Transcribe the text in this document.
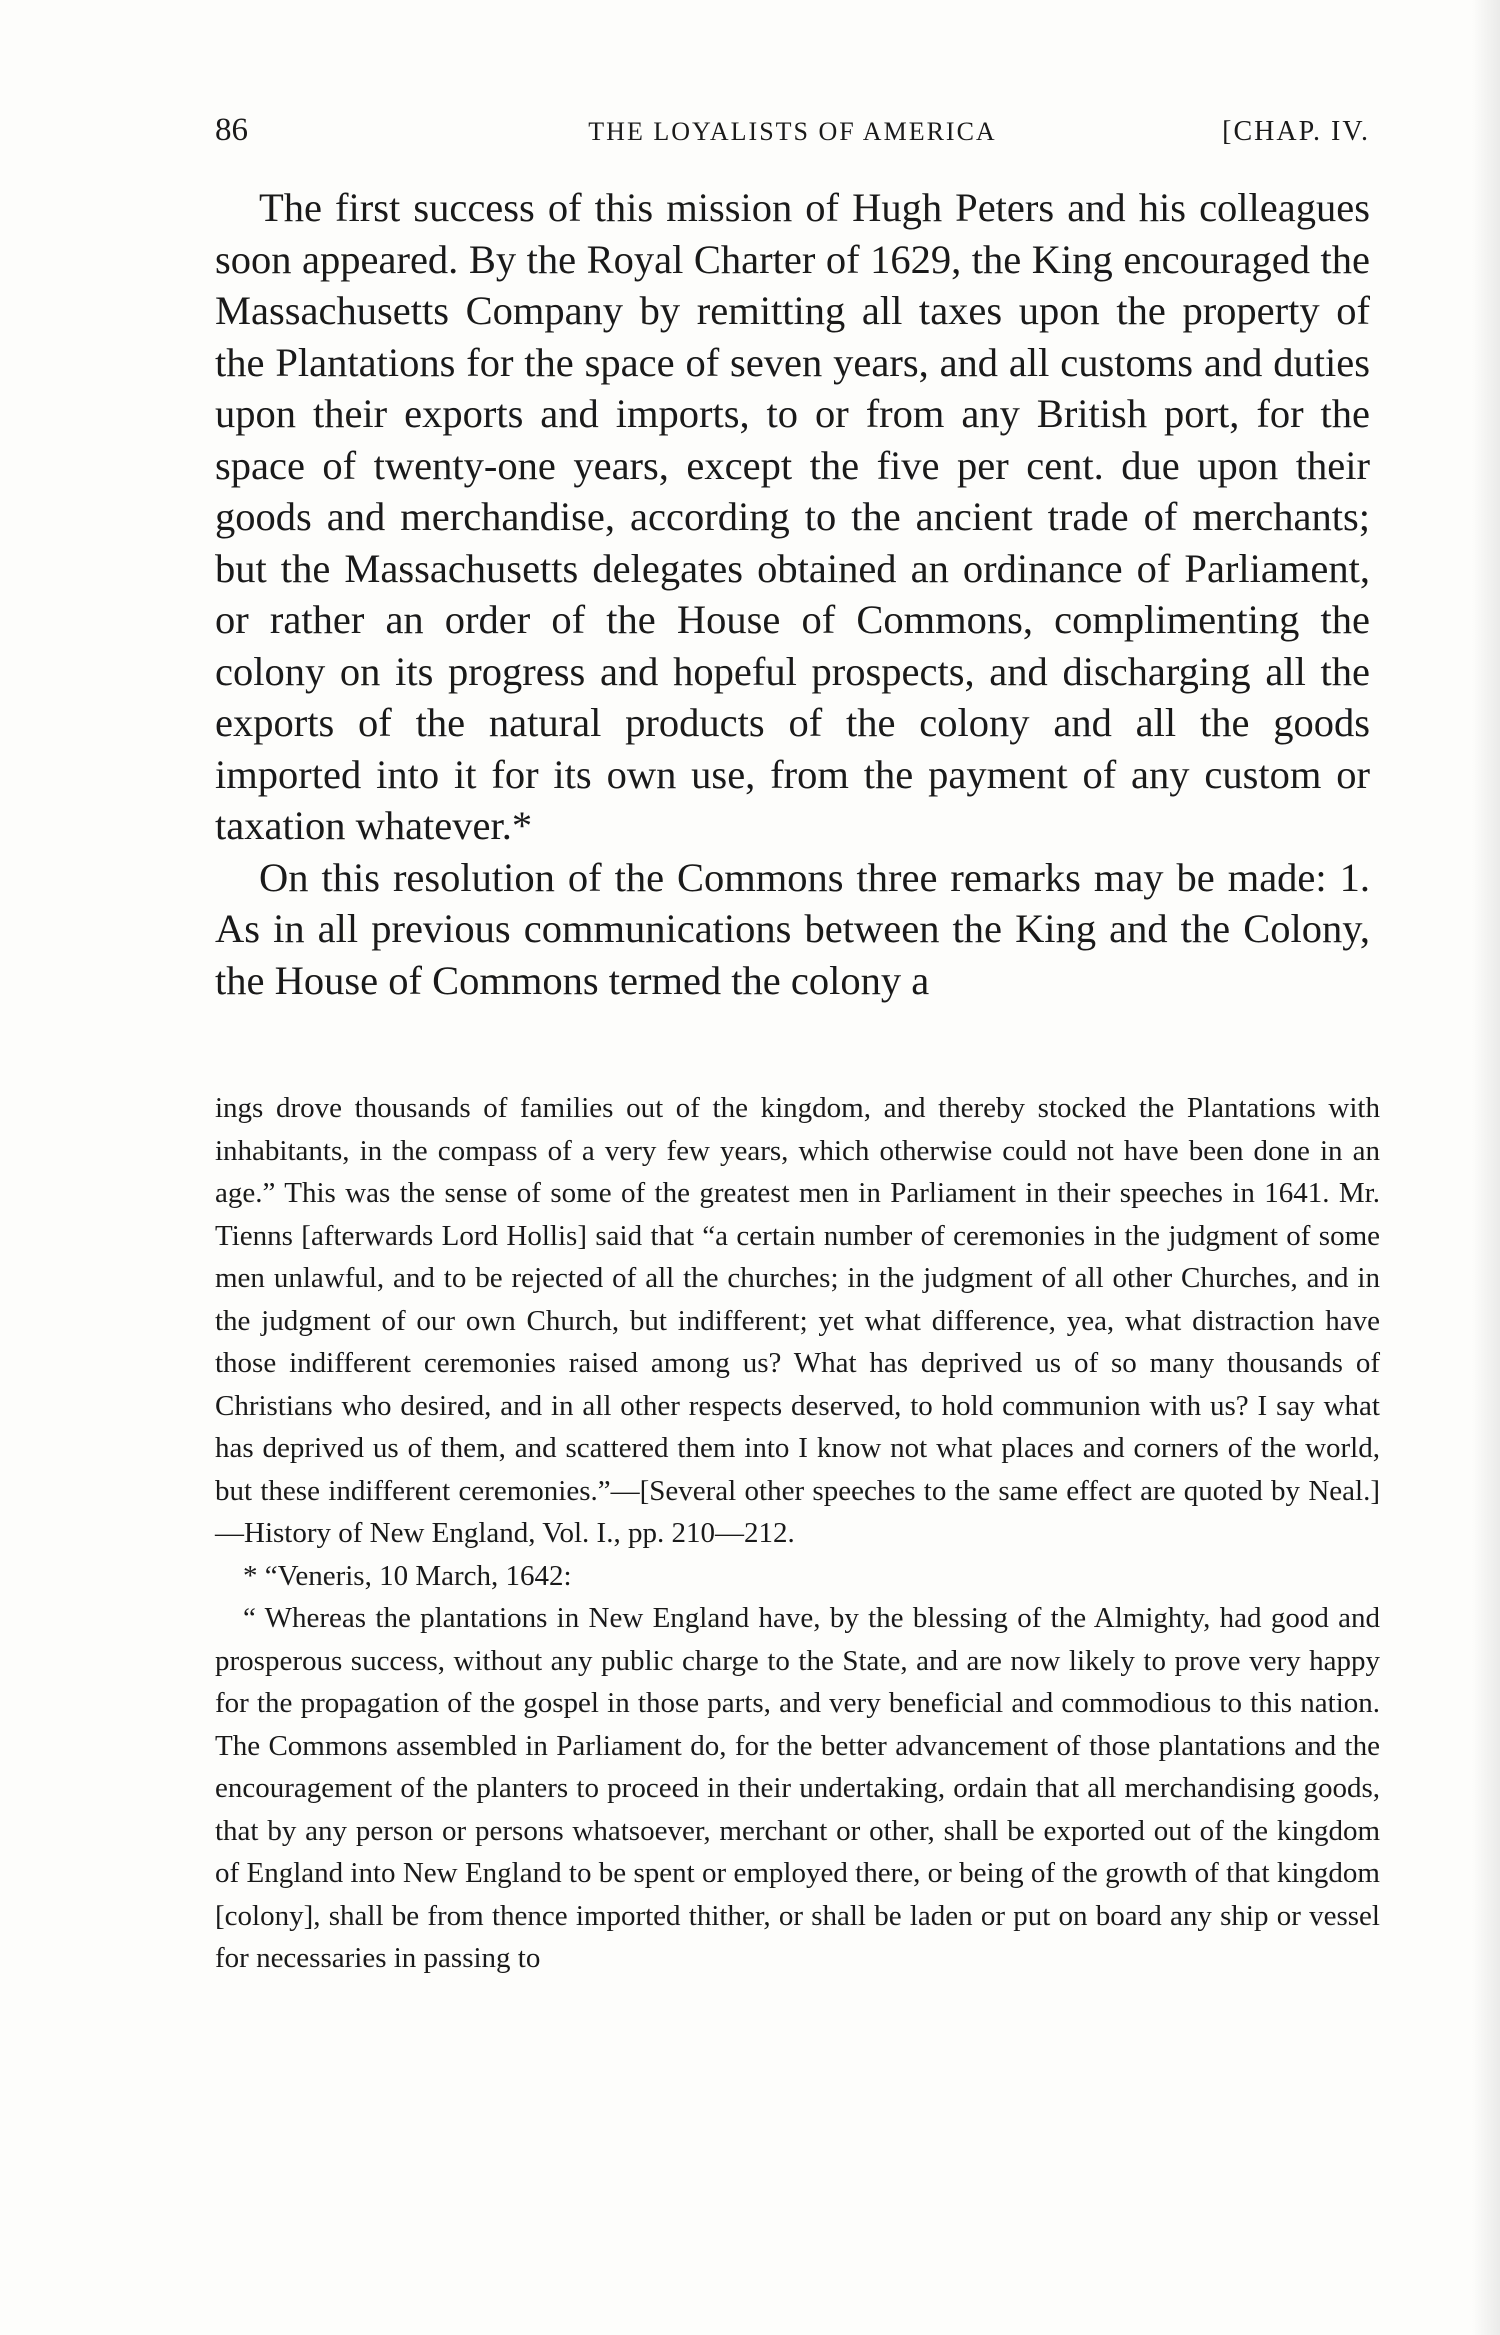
86	THE LOYALISTS OF AMERICA	[CHAP. IV.

The first success of this mission of Hugh Peters and his colleagues soon appeared. By the Royal Charter of 1629, the King encouraged the Massachusetts Company by remitting all taxes upon the property of the Plantations for the space of seven years, and all customs and duties upon their exports and imports, to or from any British port, for the space of twenty-one years, except the five per cent. due upon their goods and merchandise, according to the ancient trade of merchants; but the Massachusetts delegates obtained an ordinance of Parliament, or rather an order of the House of Commons, complimenting the colony on its progress and hopeful prospects, and discharging all the exports of the natural products of the colony and all the goods imported into it for its own use, from the payment of any custom or taxation whatever.*

On this resolution of the Commons three remarks may be made: 1. As in all previous communications between the King and the Colony, the House of Commons termed the colony a

ings drove thousands of families out of the kingdom, and thereby stocked the Plantations with inhabitants, in the compass of a very few years, which otherwise could not have been done in an age.” This was the sense of some of the greatest men in Parliament in their speeches in 1641. Mr. Tienns [afterwards Lord Hollis] said that “a certain number of ceremonies in the judgment of some men unlawful, and to be rejected of all the churches; in the judgment of all other Churches, and in the judgment of our own Church, but indifferent; yet what difference, yea, what distraction have those indifferent ceremonies raised among us? What has deprived us of so many thousands of Christians who desired, and in all other respects deserved, to hold communion with us? I say what has deprived us of them, and scattered them into I know not what places and corners of the world, but these indifferent ceremonies.”—[Several other speeches to the same effect are quoted by Neal.]—History of New England, Vol. I., pp. 210—212.

* “Veneris, 10 March, 1642:

“ Whereas the plantations in New England have, by the blessing of the Almighty, had good and prosperous success, without any public charge to the State, and are now likely to prove very happy for the propagation of the gospel in those parts, and very beneficial and commodious to this nation. The Commons assembled in Parliament do, for the better advancement of those plantations and the encouragement of the planters to proceed in their undertaking, ordain that all merchandising goods, that by any person or persons whatsoever, merchant or other, shall be exported out of the kingdom of England into New England to be spent or employed there, or being of the growth of that kingdom [colony], shall be from thence imported thither, or shall be laden or put on board any ship or vessel for necessaries in passing to
